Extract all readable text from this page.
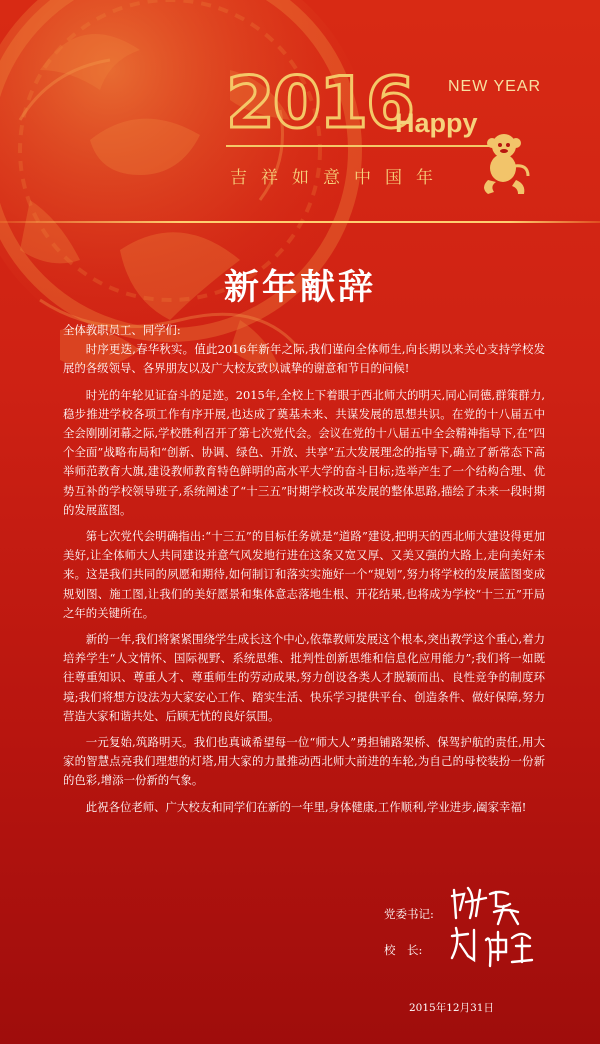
2016 NEW YEAR
Happy
吉祥如意中国年
新年献辞

全体教职员工、同学们:

时序更迭,春华秋实。值此2016年新年之际,我们谨向全体师生,向长期以来关心支持学校发展的各级领导、各界朋友以及广大校友致以诚挚的谢意和节日的问候!

时光的年轮见证奋斗的足迹。2015年,全校上下着眼于西北师大的明天,同心同德,群策群力,稳步推进学校各项工作有序开展,也达成了奠基未来、共谋发展的思想共识。在党的十八届五中全会刚刚闭幕之际,学校胜利召开了第七次党代会。会议在党的十八届五中全会精神指导下,在“四个全面”战略布局和“创新、协调、绿色、开放、共享”五大发展理念的指导下,确立了新常态下高举师范教育大旗,建设教师教育特色鲜明的高水平大学的奋斗目标;选举产生了一个结构合理、优势互补的学校领导班子,系统阐述了“十三五”时期学校改革发展的整体思路,描绘了未来一段时期的发展蓝图。

第七次党代会明确指出:“十三五”的目标任务就是“道路”建设,把明天的西北师大建设得更加美好,让全体师大人共同建设并意气风发地行进在这条又宽又厚、又美又强的大路上,走向美好未来。这是我们共同的夙愿和期待,如何制订和落实实施好一个“规划”,努力将学校的发展蓝图变成规划图、施工图,让我们的美好愿景和集体意志落地生根、开花结果,也将成为学校“十三五”开局之年的关键所在。

新的一年,我们将紧紧围绕学生成长这个中心,依靠教师发展这个根本,突出教学这个重心,着力培养学生“人文情怀、国际视野、系统思维、批判性创新思维和信息化应用能力”;我们将一如既往尊重知识、尊重人才、尊重师生的劳动成果,努力创设各类人才脱颖而出、良性竞争的制度环境;我们将想方设法为大家安心工作、踏实生活、快乐学习提供平台、创造条件、做好保障,努力营造大家和谐共处、后顾无忧的良好氛围。

一元复始,筑路明天。我们也真诚希望每一位“师大人”勇担铺路架桥、保驾护航的责任,用大家的智慧点亮我们理想的灯塔,用大家的力量推动西北师大前进的车轮,为自己的母校装扮一份新的色彩,增添一份新的气象。

此祝各位老师、广大校友和同学们在新的一年里,身体健康,工作顺利,学业进步,阖家幸福!

党委书记:
校　长:
2015年12月31日
